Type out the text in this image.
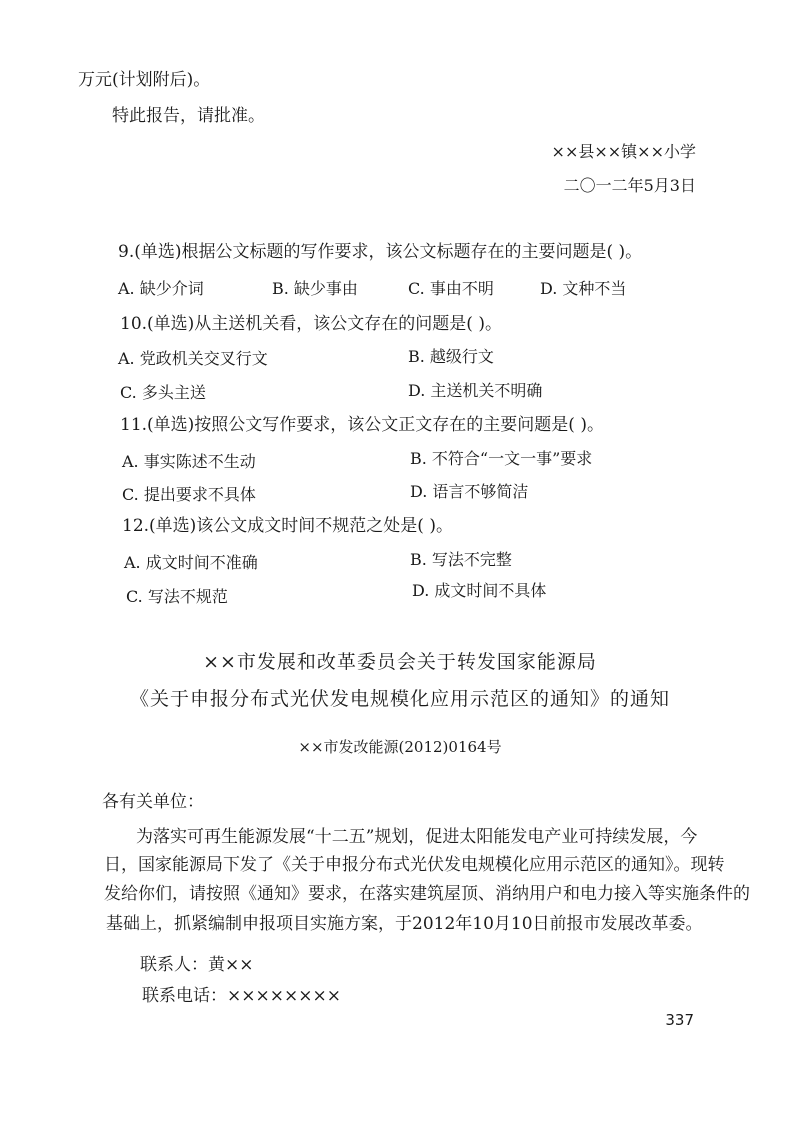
万元(计划附后)。
特此报告，请批准。
××县××镇××小学
二〇一二年5月3日
9.(单选)根据公文标题的写作要求，该公文标题存在的主要问题是( )。
A. 缺少介词	B. 缺少事由	C. 事由不明	D. 文种不当
10.(单选)从主送机关看，该公文存在的问题是( )。
A. 党政机关交叉行文	B. 越级行文
C. 多头主送	D. 主送机关不明确
11.(单选)按照公文写作要求，该公文正文存在的主要问题是( )。
A. 事实陈述不生动	B. 不符合“一文一事”要求
C. 提出要求不具体	D. 语言不够简洁
12.(单选)该公文成文时间不规范之处是( )。
A. 成文时间不准确	B. 写法不完整
C. 写法不规范	D. 成文时间不具体
××市发展和改革委员会关于转发国家能源局
《关于申报分布式光伏发电规模化应用示范区的通知》的通知
××市发改能源(2012)0164号
各有关单位：
为落实可再生能源发展“十二五”规划，促进太阳能发电产业可持续发展，今
日，国家能源局下发了《关于申报分布式光伏发电规模化应用示范区的通知》。现转
发给你们，请按照《通知》要求，在落实建筑屋顶、消纳用户和电力接入等实施条件的
基础上，抓紧编制申报项目实施方案，于2012年10月10日前报市发展改革委。
联系人：黄××
联系电话：××××××××
337
